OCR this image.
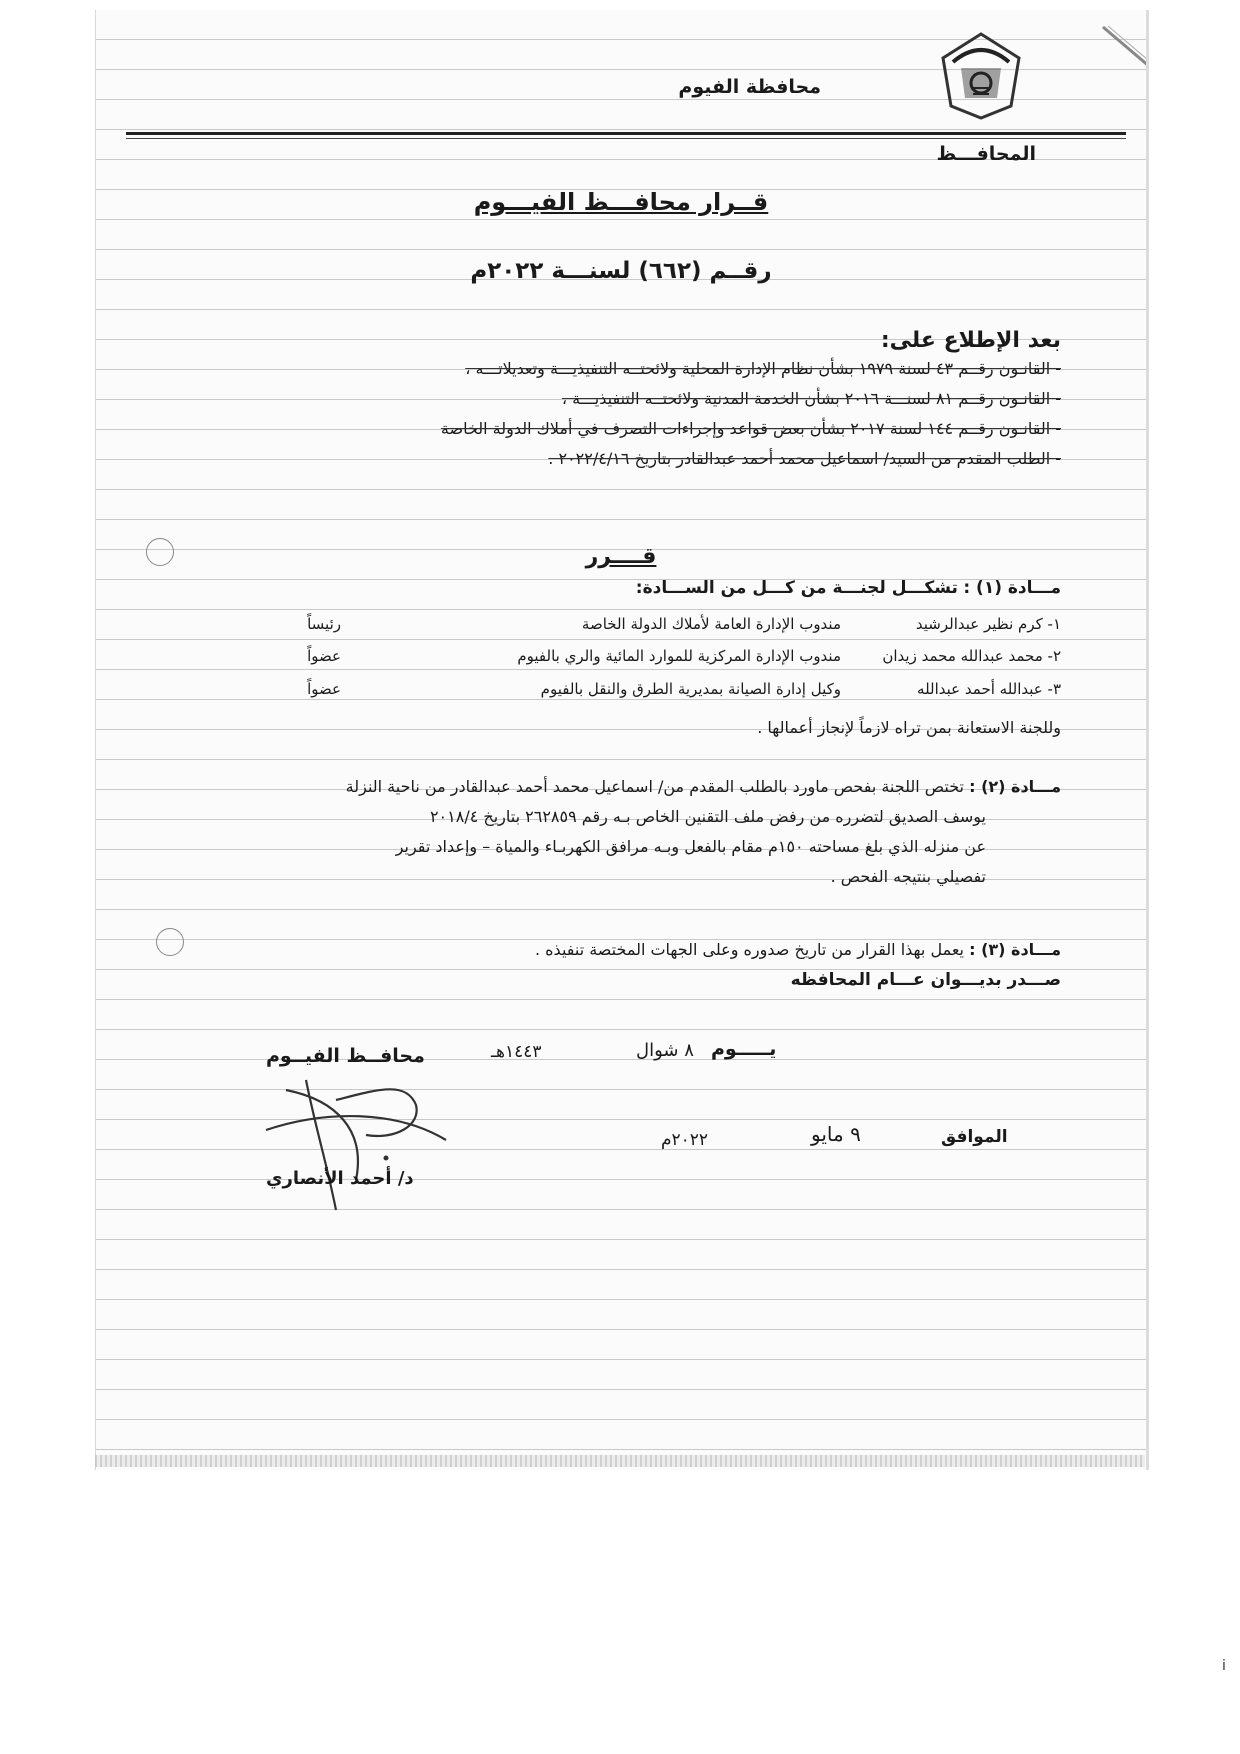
محافظة الفيوم
المحافـــظ
قــرار محافـــظ الفيـــوم
رقــم (٦٦٢) لسنـــة ٢٠٢٢م
بعد الإطلاع على:
- القانـون رقــم ٤٣ لسنة ١٩٧٩ بشأن نظام الإدارة المحلية ولائحتــه التنفيذيـــة وتعديلاتـــه ،
- القانـون رقــم ٨١ لسنـــة ٢٠١٦ بشأن الخدمة المدنية ولائحتــه التنفيذيـــة ،
- القانـون رقــم ١٤٤ لسنة ٢٠١٧ بشأن بعض قواعد وإجراءات التصرف في أملاك الدولة الخاصة
- الطلب المقدم من السيد/ اسماعيل محمد أحمد عبدالقادر بتاريخ ٢٠٢٢/٤/١٦ .
قــــرر
مـــادة (١) : تشكـــل لجنـــة من كـــل من الســـادة:
١- كرم نظير عبدالرشيد
مندوب الإدارة العامة لأملاك الدولة الخاصة
رئيساً
٢- محمد عبدالله محمد زيدان
مندوب الإدارة المركزية للموارد المائية والري بالفيوم
عضواً
٣- عبدالله أحمد عبدالله
وكيل إدارة الصيانة بمديرية الطرق والنقل بالفيوم
عضواً
وللجنة الاستعانة بمن تراه لازماً لإنجاز أعمالها .
مـــادة (٢) : تختص اللجنة بفحص ماورد بالطلب المقدم من/ اسماعيل محمد أحمد عبدالقادر من ناحية النزلة
يوسف الصديق لتضرره من رفض ملف التقنين الخاص بـه رقم ٢٦٢٨٥٩ بتاريخ ٢٠١٨/٤
عن منزله الذي بلغ مساحته ١٥٠م مقام بالفعل وبـه مرافق الكهربـاء والمياة – وإعداد تقرير
تفصيلي بنتيجه الفحص .
مـــادة (٣) : يعمل بهذا القرار من تاريخ صدوره وعلى الجهات المختصة تنفيذه .
صـــدر بديـــوان عـــام المحافظه
يـــــوم
٨ شوال
١٤٤٣هـ
الموافق
٩ مايو
٢٠٢٢م
محافــظ الفيــوم
د/ أحمد الأنصاري
i
